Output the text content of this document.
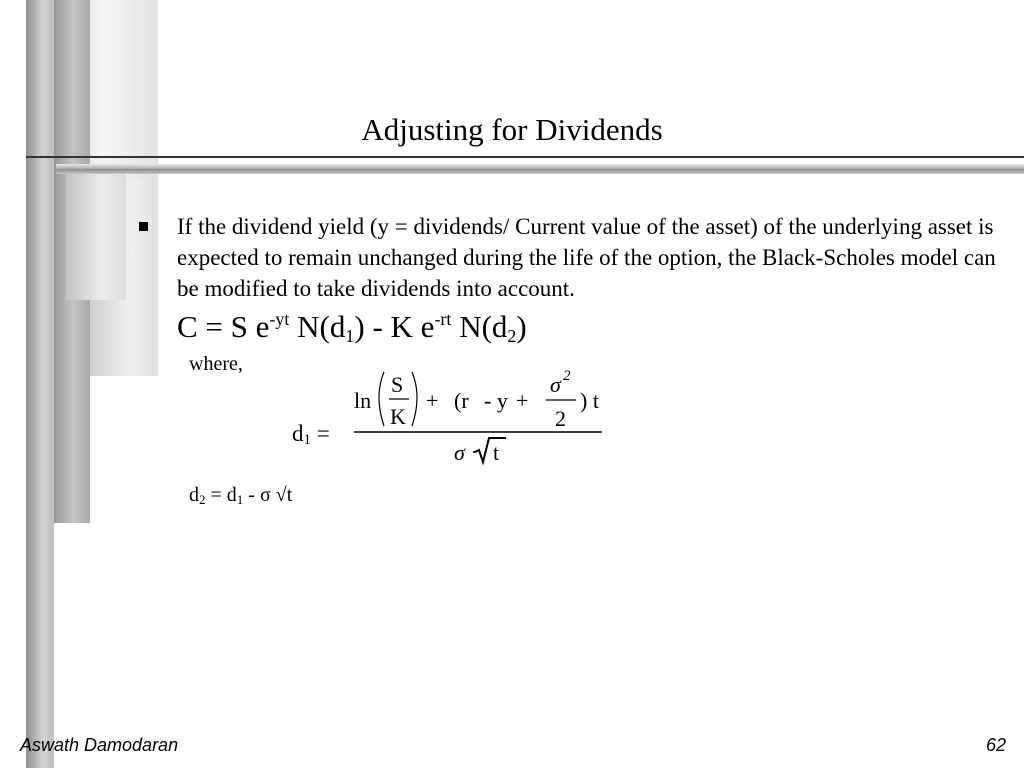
Adjusting for Dividends
If the dividend yield (y = dividends/ Current value of the asset) of the underlying asset is expected to remain unchanged during the life of the option, the Black-Scholes model can be modified to take dividends into account.
C = S $e^{-yt}$ $N(d_1)$ - K $e^{-rt}$ $N(d_2)$
where,
$d_1$ =
ln
S
K
+ (r - y +
σ 2
2
) t
σ · t
$d_2 = d_1 - \sigma$ √t
Aswath Damodaran	62
